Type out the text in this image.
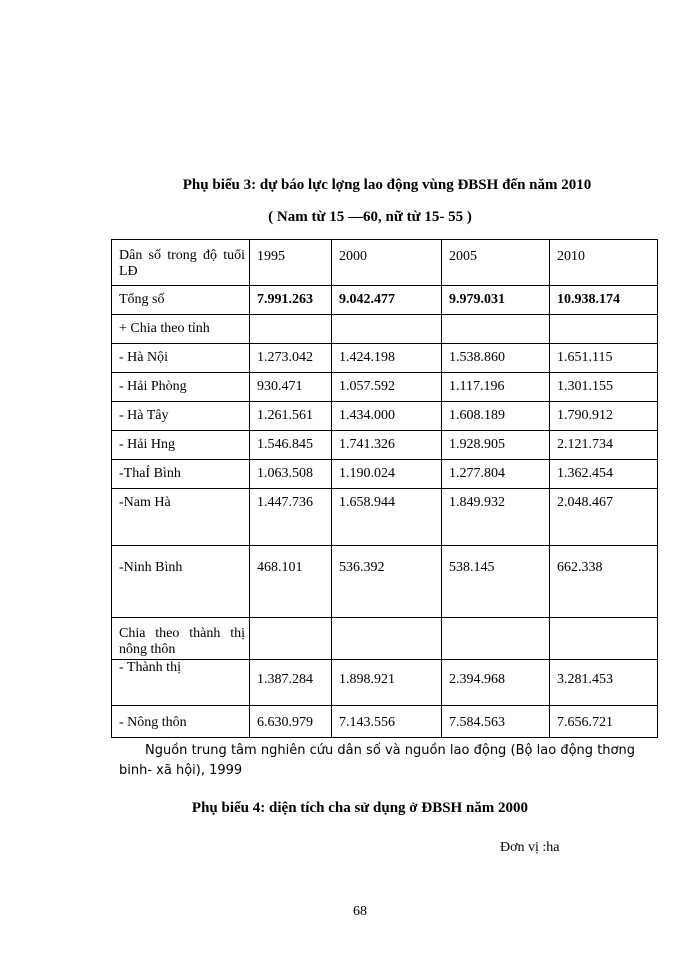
Phụ biểu 3: dự báo lực lợng lao động vùng ĐBSH đến năm 2010
( Nam từ 15 —60, nữ từ 15- 55 )
Dân số trong độ tuổi LĐ	1995	2000	2005	2010
Tổng số	7.991.263	9.042.477	9.979.031	10.938.174
+ Chia theo tỉnh				
- Hà Nội	1.273.042	1.424.198	1.538.860	1.651.115
- Hải Phòng	930.471	1.057.592	1.117.196	1.301.155
- Hà Tây	1.261.561	1.434.000	1.608.189	1.790.912
- Hải Hng	1.546.845	1.741.326	1.928.905	2.121.734
-ThaÍ Bình	1.063.508	1.190.024	1.277.804	1.362.454
-Nam Hà	1.447.736	1.658.944	1.849.932	2.048.467
-Ninh Bình	468.101	536.392	538.145	662.338
Chia theo thành thị nông thôn				
- Thành thị	1.387.284	1.898.921	2.394.968	3.281.453
- Nông thôn	6.630.979	7.143.556	7.584.563	7.656.721
Nguồn trung tâm nghiên cứu dân số và nguồn lao động (Bộ lao động thơng binh- xã hội), 1999
Phụ biểu 4: diện tích cha sử dụng ở ĐBSH năm 2000
Đơn vị :ha
68
